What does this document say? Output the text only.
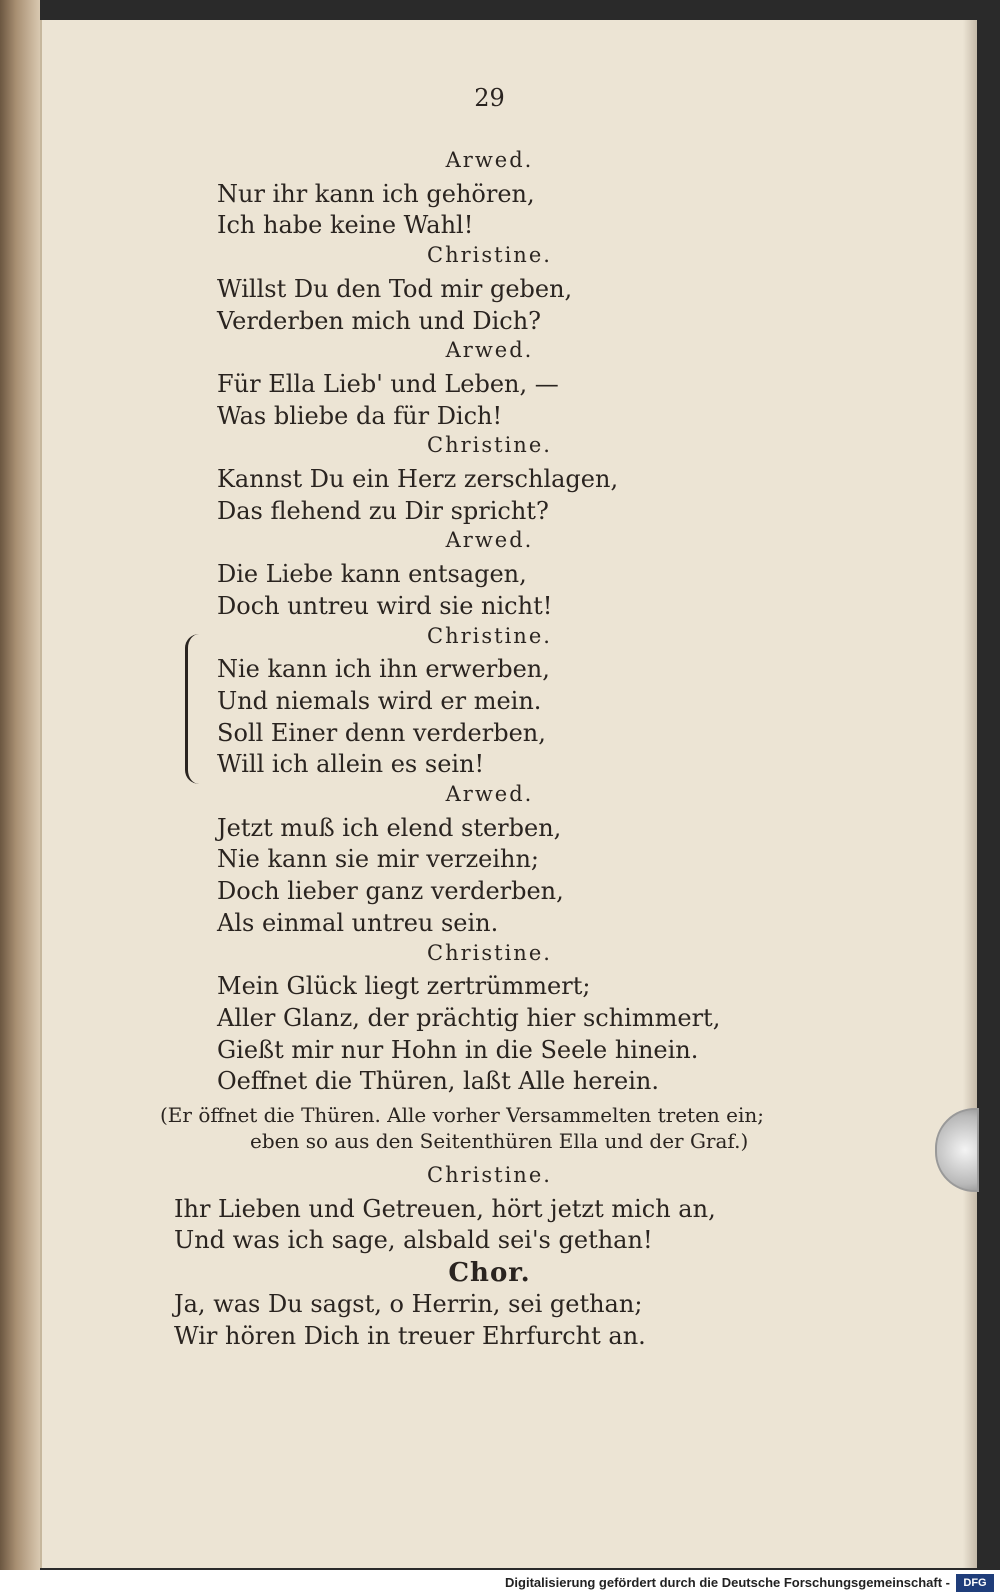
29
Arwed.
Nur ihr kann ich gehören,
Ich habe keine Wahl!
Christine.
Willst Du den Tod mir geben,
Verderben mich und Dich?
Arwed.
Für Ella Lieb' und Leben, —
Was bliebe da für Dich!
Christine.
Kannst Du ein Herz zerschlagen,
Das flehend zu Dir spricht?
Arwed.
Die Liebe kann entsagen,
Doch untreu wird sie nicht!
Christine.
Nie kann ich ihn erwerben,
Und niemals wird er mein.
Soll Einer denn verderben,
Will ich allein es sein!
Arwed.
Jetzt muß ich elend sterben,
Nie kann sie mir verzeihn;
Doch lieber ganz verderben,
Als einmal untreu sein.
Christine.
Mein Glück liegt zertrümmert;
Aller Glanz, der prächtig hier schimmert,
Gießt mir nur Hohn in die Seele hinein.
Oeffnet die Thüren, laßt Alle herein.
(Er öffnet die Thüren. Alle vorher Versammelten treten ein;
eben so aus den Seitenthüren Ella und der Graf.)
Christine.
Ihr Lieben und Getreuen, hört jetzt mich an,
Und was ich sage, alsbald sei's gethan!
Chor.
Ja, was Du sagst, o Herrin, sei gethan;
Wir hören Dich in treuer Ehrfurcht an.
Digitalisierung gefördert durch die Deutsche Forschungsgemeinschaft -	DFG
